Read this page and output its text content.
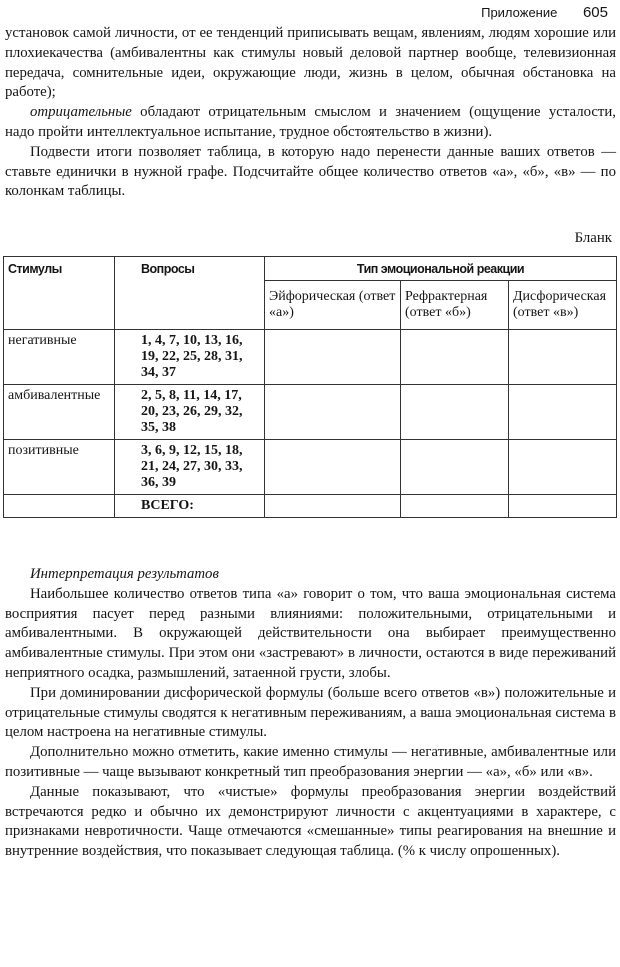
Приложение 605

установок самой личности, от ее тенденций приписывать вещам, явлениям, людям хорошие или плохиекачества (амбивалентны как стимулы новый деловой партнер вообще, телевизионная передача, сомнительные идеи, окружающие люди, жизнь в целом, обычная обстановка на работе);

отрицательные обладают отрицательным смыслом и значением (ощущение усталости, надо пройти интеллектуальное испытание, трудное обстоятельство в жизни).

Подвести итоги позволяет таблица, в которую надо перенести данные ваших ответов — ставьте единички в нужной графе. Подсчитайте общее количество ответов «а», «б», «в» — по колонкам таблицы.

Бланк
Стимулы	Вопросы	Тип эмоциональной реакции		
		Эйфорическая (ответ «а»)	Рефрактерная (ответ «б»)	Дисфорическая (ответ «в»)
негативные	1, 4, 7, 10, 13, 16, 19, 22, 25, 28, 31, 34, 37			
амбивалентные	2, 5, 8, 11, 14, 17, 20, 23, 26, 29, 32, 35, 38			
позитивные	3, 6, 9, 12, 15, 18, 21, 24, 27, 30, 33, 36, 39			
	ВСЕГО:			

Интерпретация результатов

Наибольшее количество ответов типа «а» говорит о том, что ваша эмоциональная система восприятия пасует перед разными влияниями: положительными, отрицательными и амбивалентными. В окружающей действительности она выбирает преимущественно амбивалентные стимулы. При этом они «застревают» в личности, остаются в виде переживаний неприятного осадка, размышлений, затаенной грусти, злобы.

При доминировании дисфорической формулы (больше всего ответов «в») положительные и отрицательные стимулы сводятся к негативным переживаниям, а ваша эмоциональная система в целом настроена на негативные стимулы.

Дополнительно можно отметить, какие именно стимулы — негативные, амбивалентные или позитивные — чаще вызывают конкретный тип преобразования энергии — «а», «б» или «в».

Данные показывают, что «чистые» формулы преобразования энергии воздействий встречаются редко и обычно их демонстрируют личности с акцентуациями в характере, с признаками невротичности. Чаще отмечаются «смешанные» типы реагирования на внешние и внутренние воздействия, что показывает следующая таблица. (% к числу опрошенных).
